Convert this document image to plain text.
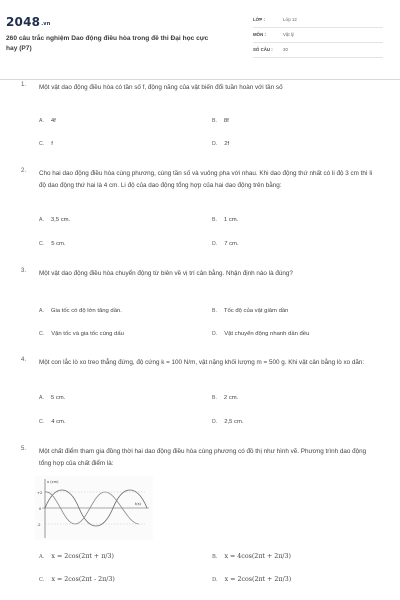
2048.vn
260 câu trắc nghiệm Dao động điều hòa trong đề thi Đại học cực hay (P7)
LỚP :	Lớp 12
MÔN :	Vật lý
SỐ CÂU : 30
1. Một vật dao động điều hòa có tần số f, động năng của vật biến đổi tuần hoàn với tần số
A. 4f	B. 8f
C. f	D. 2f
2. Cho hai dao động điều hòa cùng phương, cùng tần số và vuông pha với nhau. Khi dao động thứ nhất có li độ 3 cm thì li độ dao động thứ hai là 4 cm. Li độ của dao động tổng hợp của hai dao động trên bằng:
A. 3,5 cm.	B. 1 cm.
C. 5 cm.	D. 7 cm.
3. Một vật dao động điều hòa chuyển động từ biên về vị trí cân bằng. Nhận định nào là đúng?
A. Gia tốc có độ lớn tăng dần.	B. Tốc độ của vật giảm dần
C. Vận tốc và gia tốc cùng dấu	D. Vật chuyển động nhanh dần đều
4. Một con lắc lò xo treo thẳng đứng, độ cứng k = 100 N/m, vật nặng khối lượng m = 500 g. Khi vật cân bằng lò xo dãn:
A. 5 cm.	B. 2 cm.
C. 4 cm.	D. 2,5 cm.
5. Một chất điểm tham gia đồng thời hai dao động điều hòa cùng phương có đồ thị như hình vẽ. Phương trình dao động tổng hợp của chất điểm là:
x (cm)
t(s)
+2
0
-2
A. x = 2cos(2πt + π/3)	B. x = 4cos(2πt + 2π/3)
C. x = 2cos(2πt - 2π/3)	D. x = 2cos(2πt + 2π/3)
